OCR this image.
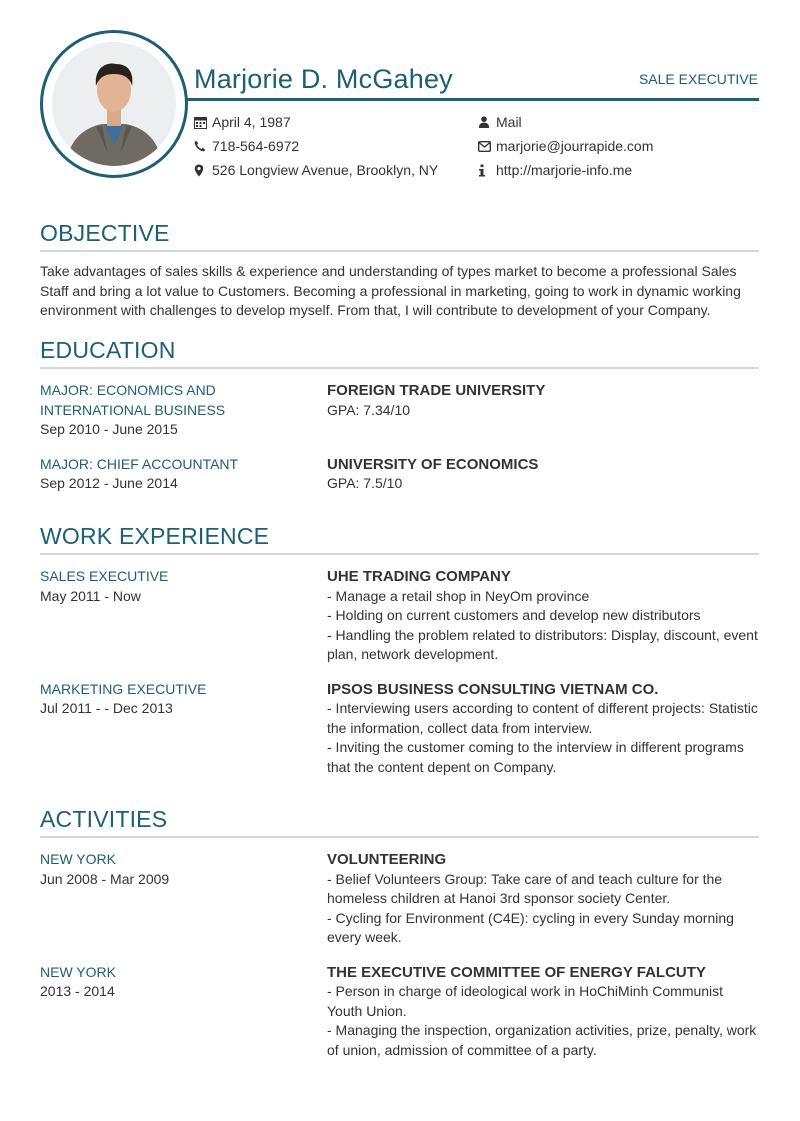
Marjorie D. McGahey	SALE EXECUTIVE
April 4, 1987
718-564-6972
526 Longview Avenue, Brooklyn, NY
Mail
marjorie@jourrapide.com
http://marjorie-info.me
OBJECTIVE
Take advantages of sales skills & experience and understanding of types market to become a professional Sales Staff and bring a lot value to Customers. Becoming a professional in marketing, going to work in dynamic working environment with challenges to develop myself. From that, I will contribute to development of your Company.
EDUCATION
MAJOR: ECONOMICS AND INTERNATIONAL BUSINESS
Sep 2010 - June 2015
FOREIGN TRADE UNIVERSITY
GPA: 7.34/10
MAJOR: CHIEF ACCOUNTANT
Sep 2012 - June 2014
UNIVERSITY OF ECONOMICS
GPA: 7.5/10
WORK EXPERIENCE
SALES EXECUTIVE
May 2011 - Now
UHE TRADING COMPANY
- Manage a retail shop in NeyOm province
- Holding on current customers and develop new distributors
- Handling the problem related to distributors: Display, discount, event plan, network development.
MARKETING EXECUTIVE
Jul 2011 - - Dec 2013
IPSOS BUSINESS CONSULTING VIETNAM CO.
- Interviewing users according to content of different projects: Statistic the information, collect data from interview.
- Inviting the customer coming to the interview in different programs that the content depent on Company.
ACTIVITIES
NEW YORK
Jun 2008 - Mar 2009
VOLUNTEERING
- Belief Volunteers Group: Take care of and teach culture for the homeless children at Hanoi 3rd sponsor society Center.
- Cycling for Environment (C4E): cycling in every Sunday morning every week.
NEW YORK
2013 - 2014
THE EXECUTIVE COMMITTEE OF ENERGY FALCUTY
- Person in charge of ideological work in HoChiMinh Communist Youth Union.
- Managing the inspection, organization activities, prize, penalty, work of union, admission of committee of a party.
